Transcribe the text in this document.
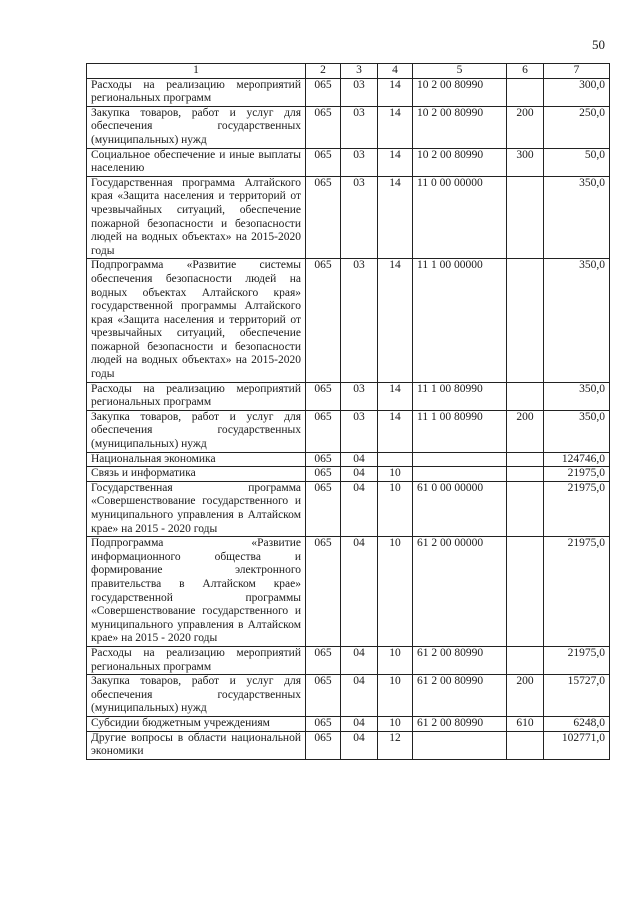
50
1	2	3	4	5	6	7
Расходы на реализацию мероприятий региональных программ	065	03	14	10 2 00 80990		300,0
Закупка товаров, работ и услуг для обеспечения государственных (муниципальных) нужд	065	03	14	10 2 00 80990	200	250,0
Социальное обеспечение и иные выплаты населению	065	03	14	10 2 00 80990	300	50,0
Государственная программа Алтайского края «Защита населения и территорий от чрезвычайных ситуаций, обеспечение пожарной безопасности и безопасности людей на водных объектах» на 2015-2020 годы	065	03	14	11 0 00 00000		350,0
Подпрограмма «Развитие системы обеспечения безопасности людей на водных объектах Алтайского края» государственной программы Алтайского края «Защита населения и территорий от чрезвычайных ситуаций, обеспечение пожарной безопасности и безопасности людей на водных объектах» на 2015-2020 годы	065	03	14	11 1 00 00000		350,0
Расходы на реализацию мероприятий региональных программ	065	03	14	11 1 00 80990		350,0
Закупка товаров, работ и услуг для обеспечения государственных (муниципальных) нужд	065	03	14	11 1 00 80990	200	350,0
Национальная экономика	065	04				124746,0
Связь и информатика	065	04	10			21975,0
Государственная программа «Совершенствование государственного и муниципального управления в Алтайском крае» на 2015 - 2020 годы	065	04	10	61 0 00 00000		21975,0
Подпрограмма «Развитие информационного общества и формирование электронного правительства в Алтайском крае» государственной программы «Совершенствование государственного и муниципального управления в Алтайском крае» на 2015 - 2020 годы	065	04	10	61 2 00 00000		21975,0
Расходы на реализацию мероприятий региональных программ	065	04	10	61 2 00 80990		21975,0
Закупка товаров, работ и услуг для обеспечения государственных (муниципальных) нужд	065	04	10	61 2 00 80990	200	15727,0
Субсидии бюджетным учреждениям	065	04	10	61 2 00 80990	610	6248,0
Другие вопросы в области национальной экономики	065	04	12			102771,0
